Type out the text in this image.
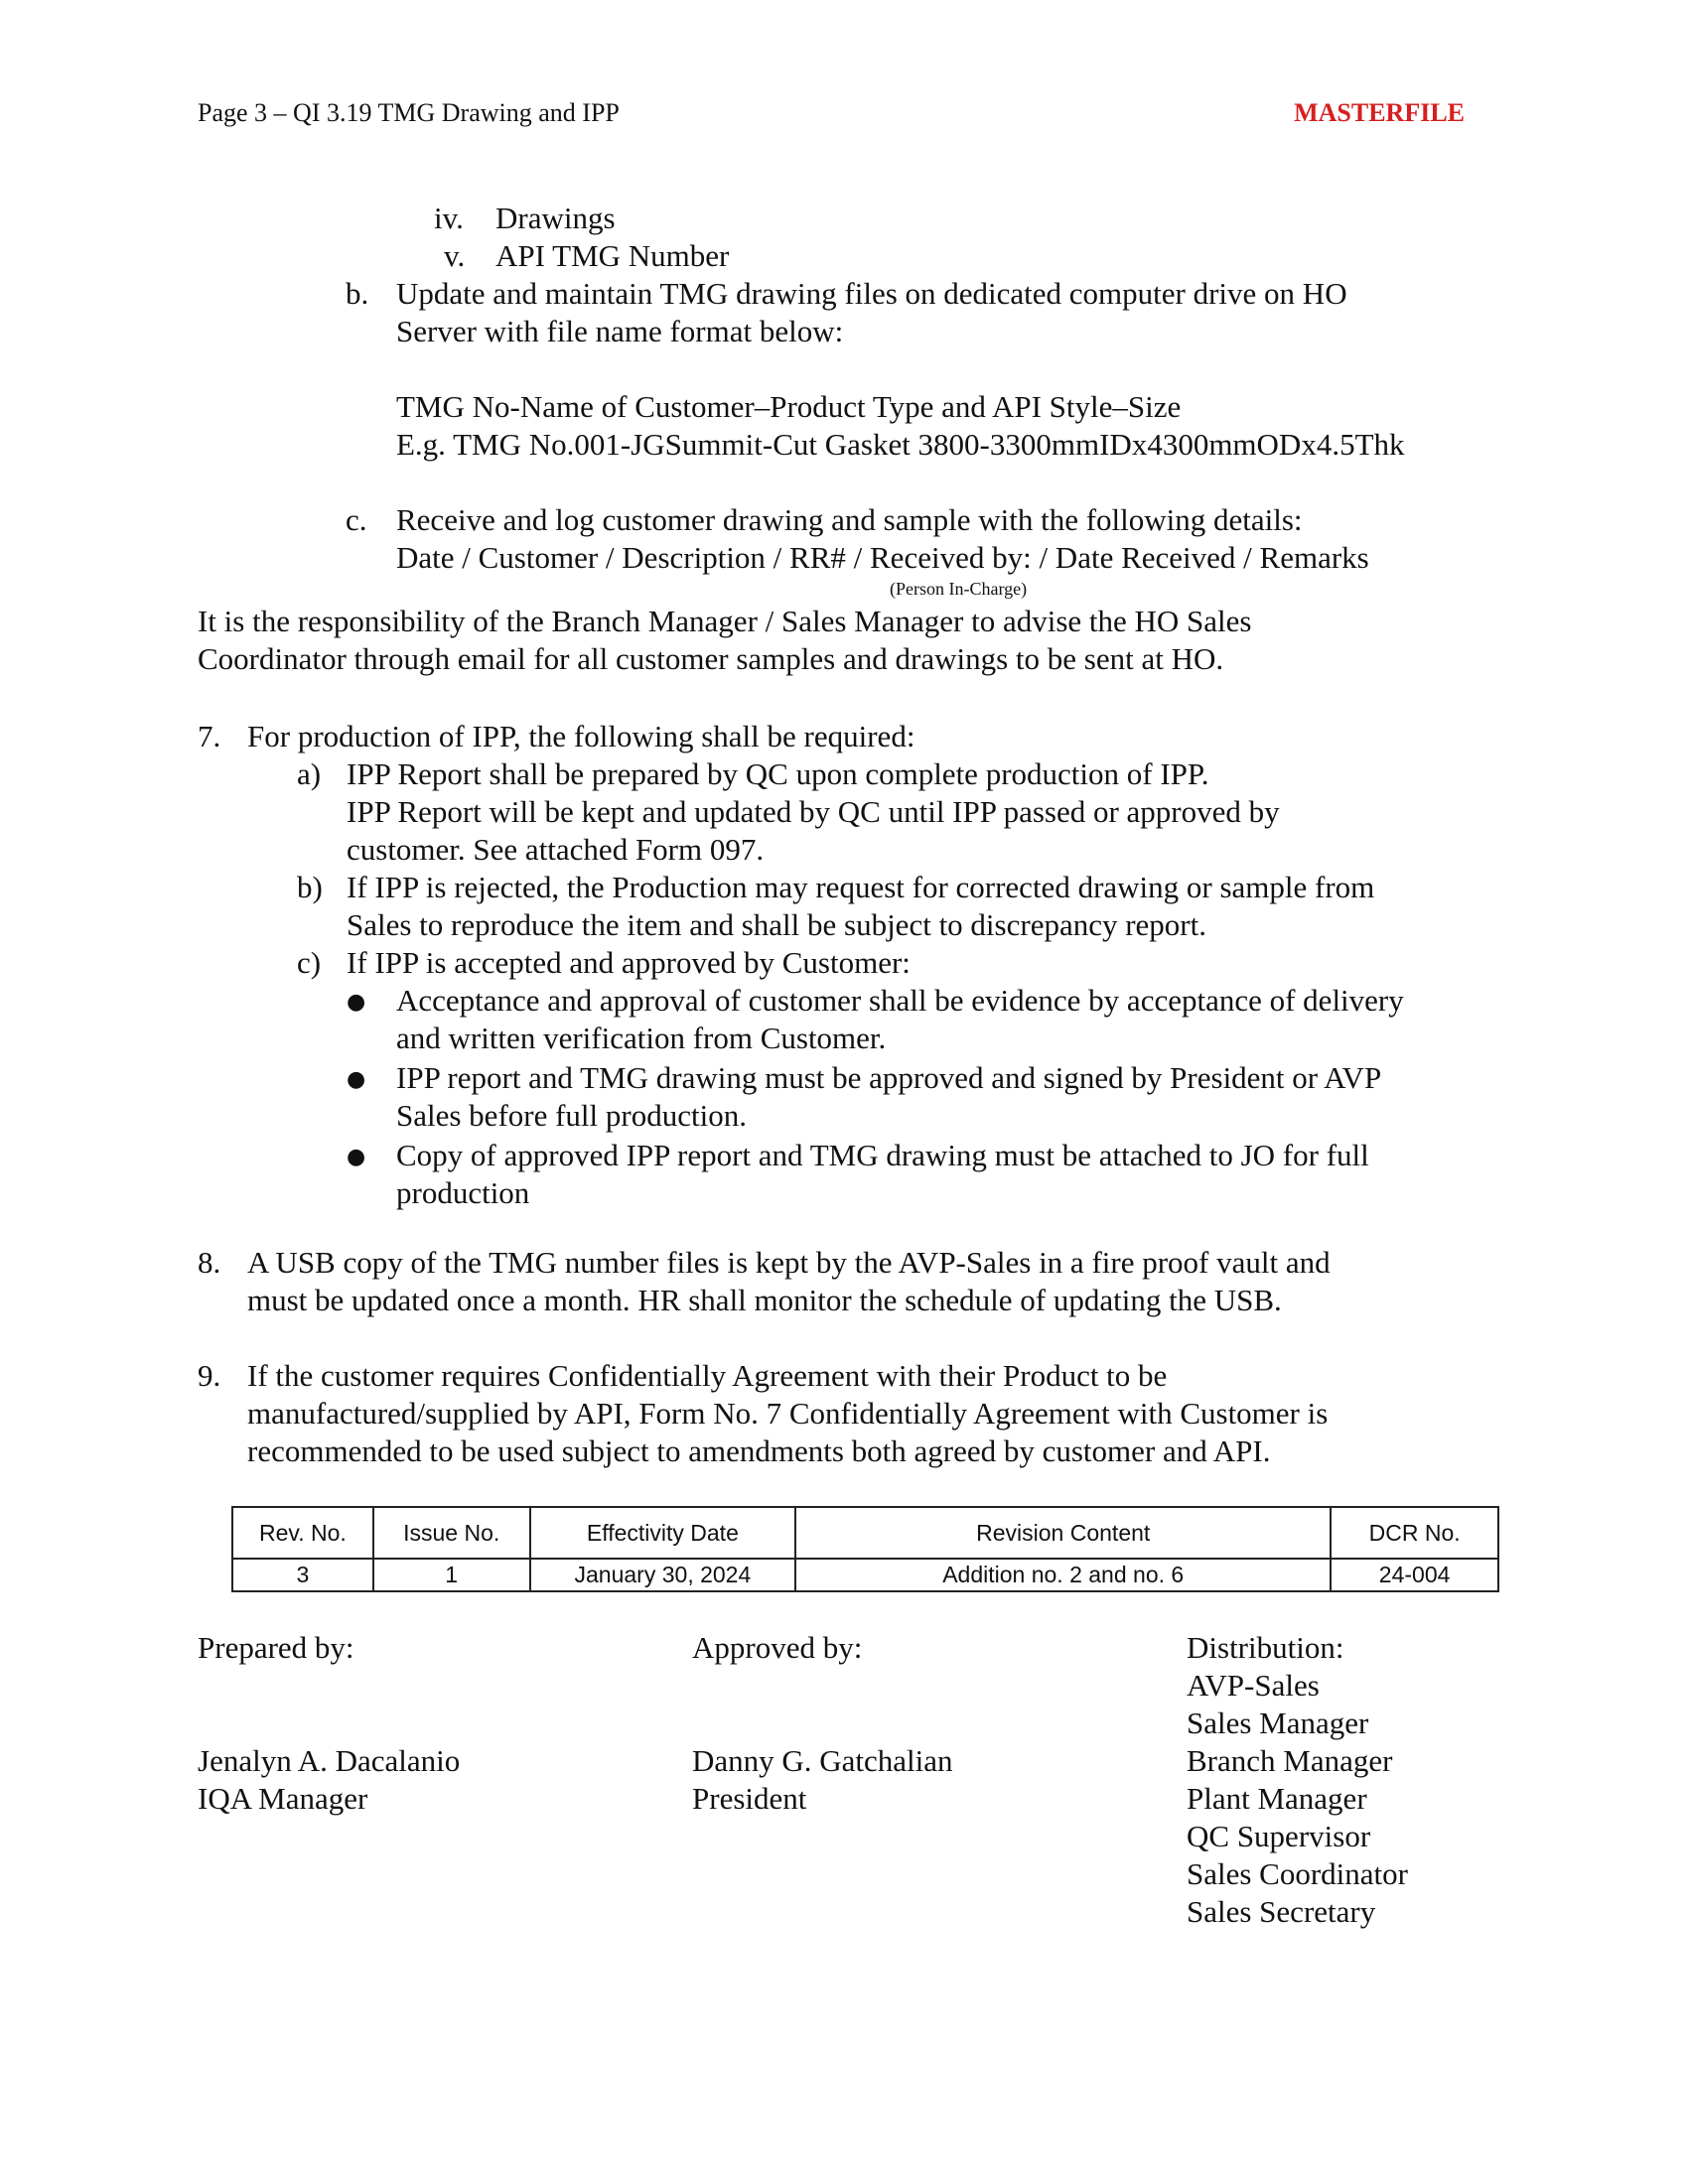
Page 3 – QI 3.19 TMG Drawing and IPP	MASTERFILE
iv. Drawings
v. API TMG Number
b. Update and maintain TMG drawing files on dedicated computer drive on HO
Server with file name format below:
TMG No-Name of Customer–Product Type and API Style–Size
E.g. TMG No.001-JGSummit-Cut Gasket 3800-3300mmIDx4300mmODx4.5Thk
c. Receive and log customer drawing and sample with the following details:
Date / Customer / Description / RR# / Received by: / Date Received / Remarks
(Person In-Charge)
It is the responsibility of the Branch Manager / Sales Manager to advise the HO Sales
Coordinator through email for all customer samples and drawings to be sent at HO.
7. For production of IPP, the following shall be required:
a) IPP Report shall be prepared by QC upon complete production of IPP.
IPP Report will be kept and updated by QC until IPP passed or approved by
customer. See attached Form 097.
b) If IPP is rejected, the Production may request for corrected drawing or sample from
Sales to reproduce the item and shall be subject to discrepancy report.
c) If IPP is accepted and approved by Customer:
● Acceptance and approval of customer shall be evidence by acceptance of delivery
and written verification from Customer.
● IPP report and TMG drawing must be approved and signed by President or AVP
Sales before full production.
● Copy of approved IPP report and TMG drawing must be attached to JO for full
production
8. A USB copy of the TMG number files is kept by the AVP-Sales in a fire proof vault and
must be updated once a month. HR shall monitor the schedule of updating the USB.
9. If the customer requires Confidentially Agreement with their Product to be
manufactured/supplied by API, Form No. 7 Confidentially Agreement with Customer is
recommended to be used subject to amendments both agreed by customer and API.
Rev. No.	Issue No.	Effectivity Date	Revision Content	DCR No.
3	1	January 30, 2024	Addition no. 2 and no. 6	24-004
Prepared by:
Jenalyn A. Dacalanio
IQA Manager
Approved by:
Danny G. Gatchalian
President
Distribution:
AVP-Sales
Sales Manager
Branch Manager
Plant Manager
QC Supervisor
Sales Coordinator
Sales Secretary
